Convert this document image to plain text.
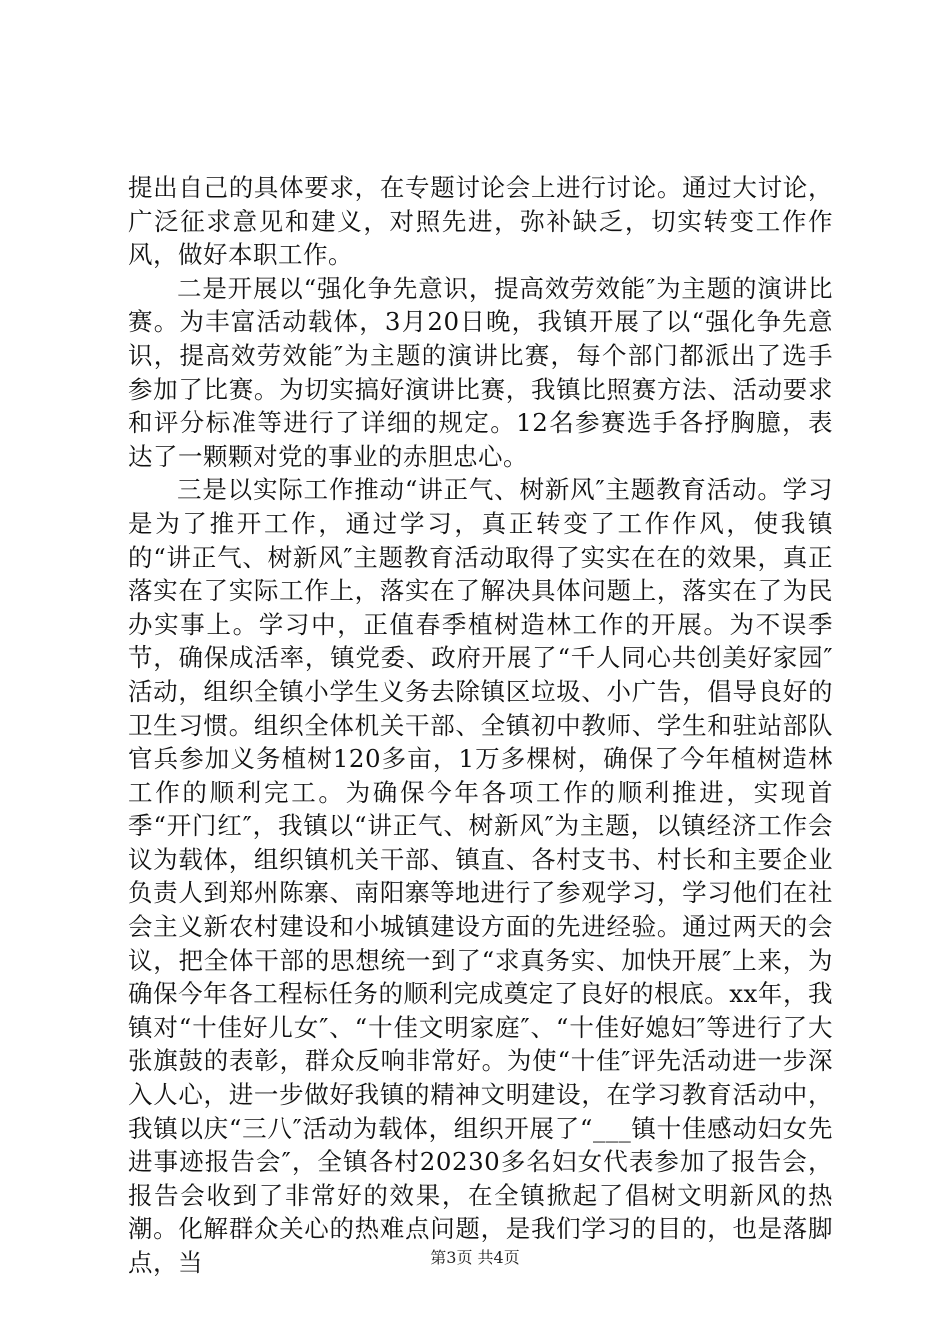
提出自己的具体要求，在专题讨论会上进行讨论。通过大讨论，广泛征求意见和建义，对照先进，弥补缺乏，切实转变工作作风，做好本职工作。

二是开展以“强化争先意识，提高效劳效能″为主题的演讲比赛。为丰富活动载体，3月20日晚，我镇开展了以“强化争先意识，提高效劳效能″为主题的演讲比赛，每个部门都派出了选手参加了比赛。为切实搞好演讲比赛，我镇比照赛方法、活动要求和评分标准等进行了详细的规定。12名参赛选手各抒胸臆，表达了一颗颗对党的事业的赤胆忠心。

三是以实际工作推动“讲正气、树新风″主题教育活动。学习是为了推开工作，通过学习，真正转变了工作作风，使我镇的“讲正气、树新风″主题教育活动取得了实实在在的效果，真正落实在了实际工作上，落实在了解决具体问题上，落实在了为民办实事上。学习中，正值春季植树造林工作的开展。为不误季节，确保成活率，镇党委、政府开展了“千人同心共创美好家园″活动，组织全镇小学生义务去除镇区垃圾、小广告，倡导良好的卫生习惯。组织全体机关干部、全镇初中教师、学生和驻站部队官兵参加义务植树120多亩，1万多棵树，确保了今年植树造林工作的顺利完工。为确保今年各项工作的顺利推进，实现首季“开门红″，我镇以“讲正气、树新风″为主题，以镇经济工作会议为载体，组织镇机关干部、镇直、各村支书、村长和主要企业负责人到郑州陈寨、南阳寨等地进行了参观学习，学习他们在社会主义新农村建设和小城镇建设方面的先进经验。通过两天的会议，把全体干部的思想统一到了“求真务实、加快开展″上来，为确保今年各工程标任务的顺利完成奠定了良好的根底。xx年，我镇对“十佳好儿女″、“十佳文明家庭″、“十佳好媳妇″等进行了大张旗鼓的表彰，群众反响非常好。为使“十佳″评先活动进一步深入人心，进一步做好我镇的精神文明建设，在学习教育活动中，我镇以庆“三八″活动为载体，组织开展了“___镇十佳感动妇女先进事迹报告会″，全镇各村20230多名妇女代表参加了报告会，报告会收到了非常好的效果，在全镇掀起了倡树文明新风的热潮。化解群众关心的热难点问题，是我们学习的目的，也是落脚点，当	第3页 共4页
